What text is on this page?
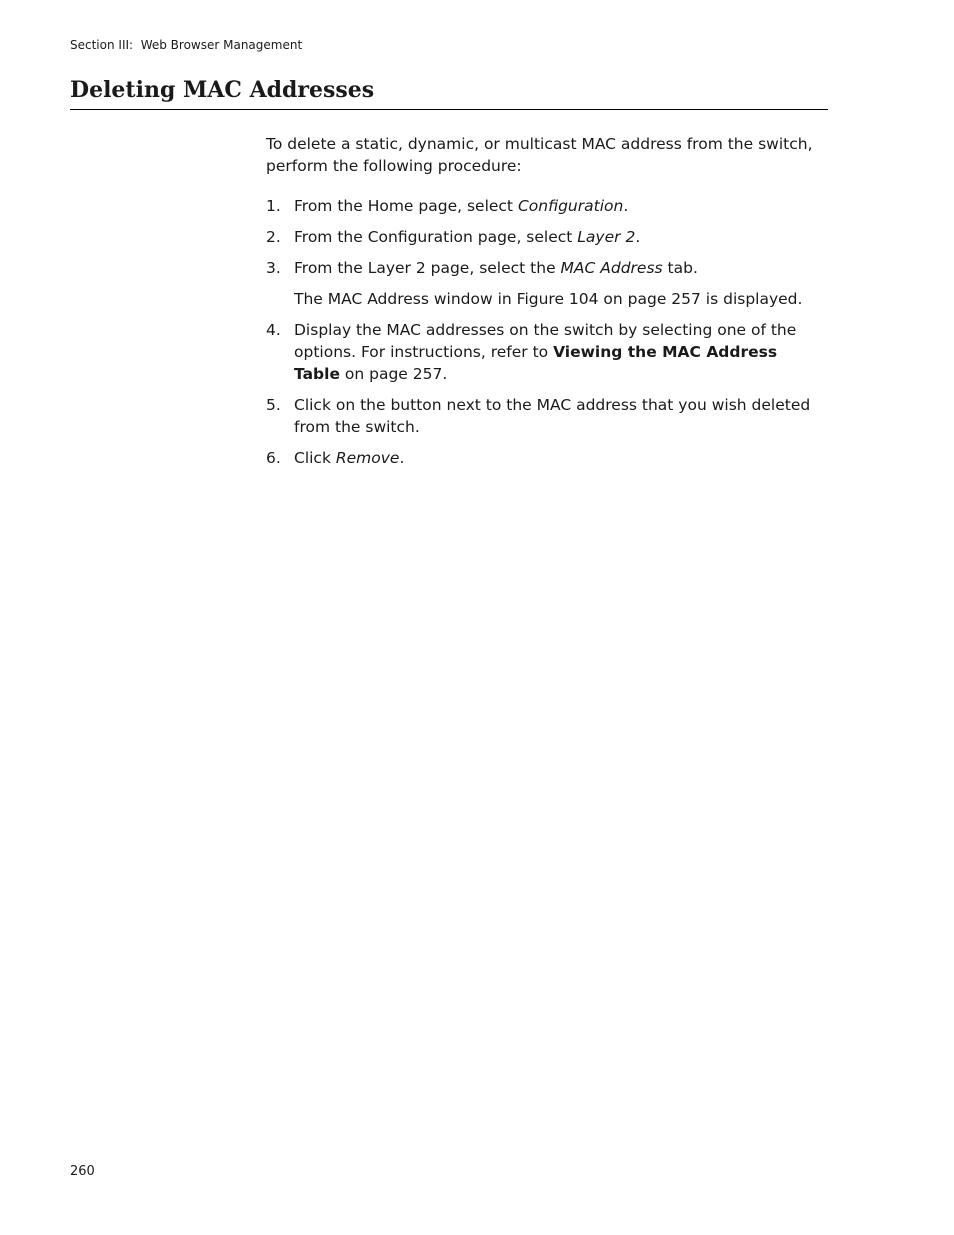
Section III:  Web Browser Management
Deleting MAC Addresses

To delete a static, dynamic, or multicast MAC address from the switch, perform the following procedure:

1. From the Home page, select Configuration.
2. From the Configuration page, select Layer 2.
3. From the Layer 2 page, select the MAC Address tab.

The MAC Address window in Figure 104 on page 257 is displayed.

4. Display the MAC addresses on the switch by selecting one of the options. For instructions, refer to Viewing the MAC Address Table on page 257.
5. Click on the button next to the MAC address that you wish deleted from the switch.
6. Click Remove.
260
